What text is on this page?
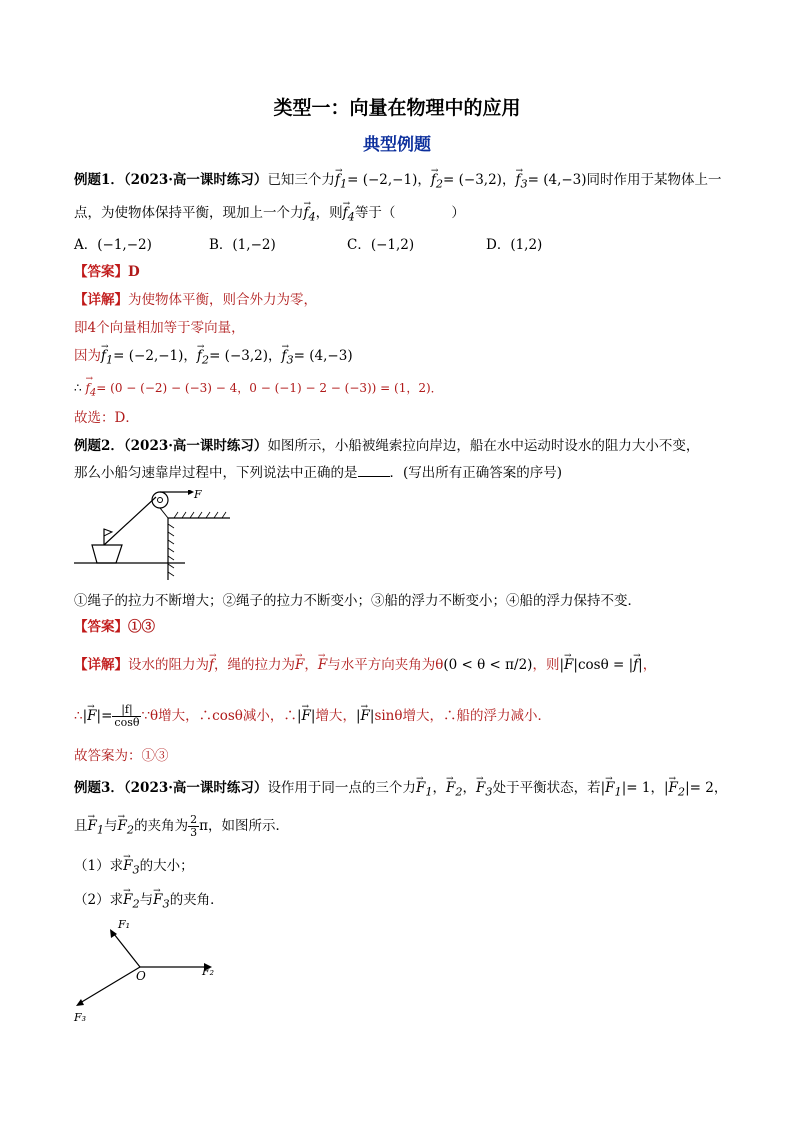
类型一：向量在物理中的应用
典型例题
例题1．（2023·高一课时练习）已知三个力→ $f_1= (-2,-1)$，→ $f_2= (-3,2)$，→ $f_3= (4,-3)$同时作用于某物体上一
点，为使物体保持平衡，现加上一个力→ $f_4$，则→ $f_4$等于（	）
A．(−1,−2)	B．(1,−2)	C．(−1,2)	D．(1,2)
【答案】D
【详解】为使物体平衡，则合外力为零，
即4个向量相加等于零向量，
因为→ $f_1= (-2,-1)$，→ $f_2= (-3,2)$，→ $f_3= (4,-3)$
∴ → $f_4= (0 - (-2) - (-3) - 4$，0 − (−1) − 2 − (−3)) = (1，2)．
故选：D．
例题2．（2023·高一课时练习）如图所示，小船被绳索拉向岸边，船在水中运动时设水的阻力大小不变，
那么小船匀速靠岸过程中，下列说法中正确的是 ．(写出所有正确答案的序号)
F
①绳子的拉力不断增大；②绳子的拉力不断变小；③船的浮力不断变小；④船的浮力保持不变．
【答案】①③
【详解】设水的阻力为→ f，绳的拉力为→ F，→ F与水平方向夹角为θ(0 < θ < π/2)，则|→ F|cosθ = |→ f|，
∴|→ $F|= \frac{|f|}{\cos\theta}$ ∵θ增大，∴cosθ减小，∴|→ F|增大，|→ F|sinθ增大，∴船的浮力减小．
故答案为：①③
例题3．（2023·高一课时练习）设作用于同一点的三个力→ $F_1$，→ $F_2$，→ $F_3$处于平衡状态，若|→ $F_1|= 1$，|→ $F_2|= 2$，
且→ $F_1$与→ $F_2$的夹角为 $\frac{2}{3}$ π，如图所示．
（1）求→ $F_3$的大小；
（2）求→ $F_2$与→ $F_3$的夹角．
O
F₁
F₂
F₃
